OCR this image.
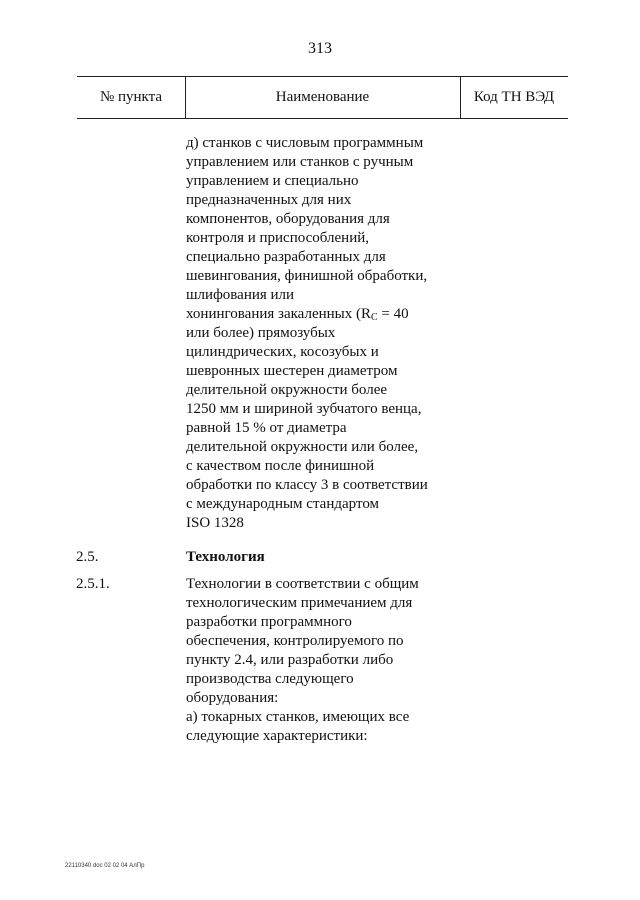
313
№ пункта	Наименование	Код ТН ВЭД
д) станков с числовым программным
управлением или станков с ручным
управлением и специально
предназначенных для них
компонентов, оборудования для
контроля и приспособлений,
специально разработанных для
шевингования, финишной обработки,
шлифования или
хонингования закаленных ($R_C = 40$
или более) прямозубых
цилиндрических, косозубых и
шевронных шестерен диаметром
делительной окружности более
1250 мм и шириной зубчатого венца,
равной 15 % от диаметра
делительной окружности или более,
с качеством после финишной
обработки по классу 3 в соответствии
с международным стандартом
ISO 1328
2.5.	Технология
2.5.1.	Технологии в соответствии с общим
технологическим примечанием для
разработки программного
обеспечения, контролируемого по
пункту 2.4, или разработки либо
производства следующего
оборудования:
а) токарных станков, имеющих все
следующие характеристики:
22110340 doc 02 02 04 АлПр
